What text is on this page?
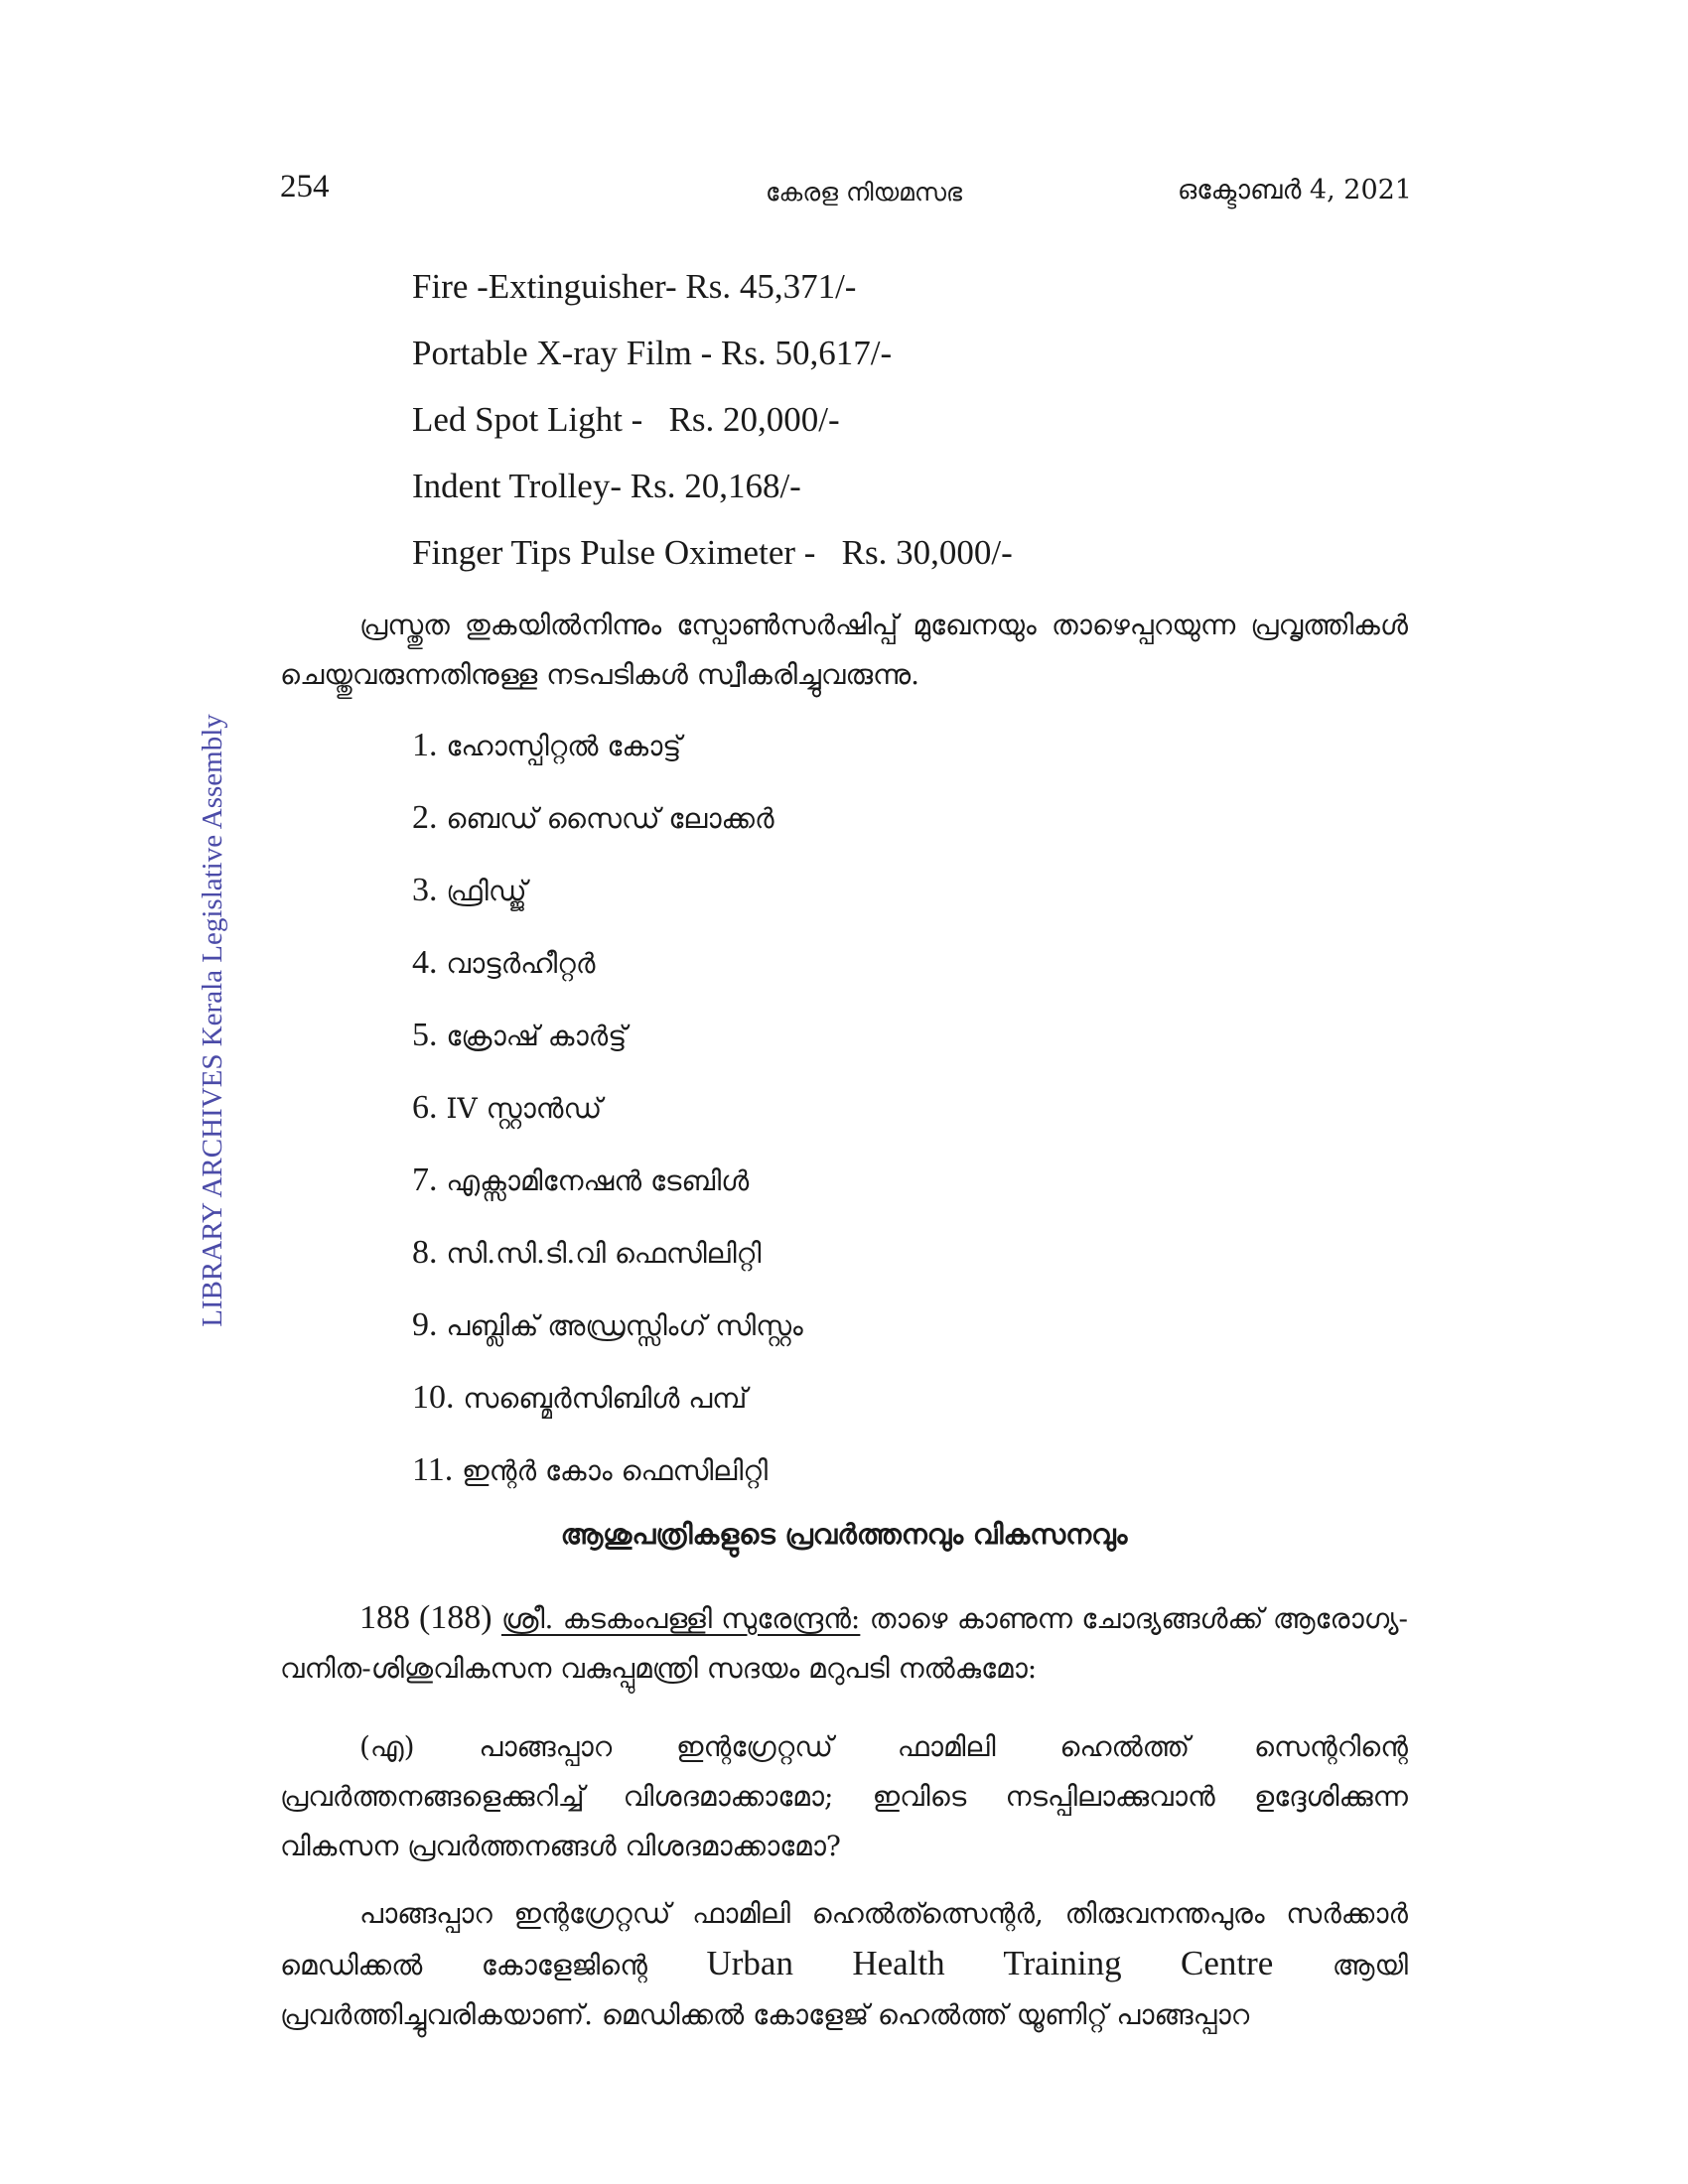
254	കേരള നിയമസഭ	ഒക്ടോബർ 4, 2021
LIBRARY ARCHIVES Kerala Legislative Assembly
Fire -Extinguisher- Rs. 45,371/-
Portable X-ray Film - Rs. 50,617/-
Led Spot Light -   Rs. 20,000/-
Indent Trolley- Rs. 20,168/-
Finger Tips Pulse Oximeter -   Rs. 30,000/-

പ്രസ്തുത തുകയിൽനിന്നും സ്പോൺസർഷിപ്പ് മുഖേനയും താഴെപ്പറയുന്ന പ്രവൃത്തികൾ ചെയ്തുവരുന്നതിനുള്ള നടപടികൾ സ്വീകരിച്ചുവരുന്നു.

1. ഹോസ്പിറ്റൽ കോട്ട്
2. ബെഡ് സൈഡ് ലോക്കർ
3. ഫ്രിഡ്ജ്
4. വാട്ടർഹീറ്റർ
5. ക്രോഷ് കാർട്ട്
6. IV സ്റ്റാൻഡ്
7. എക്സാമിനേഷൻ ടേബിൾ
8. സി.സി.ടി.വി ഫെസിലിറ്റി
9. പബ്ലിക് അഡ്രസ്സിംഗ് സിസ്റ്റം
10. സബ്മെർസിബിൾ പമ്പ്
11. ഇന്റർ കോം ഫെസിലിറ്റി
ആശുപത്രികളുടെ പ്രവർത്തനവും വികസനവും

188 (188) ശ്രീ. കടകംപള്ളി സുരേന്ദ്രൻ: താഴെ കാണുന്ന ചോദ്യങ്ങൾക്ക് ആരോഗ്യ- വനിത-ശിശുവികസന വകുപ്പുമന്ത്രി സദയം മറുപടി നൽകുമോ:

(എ) പാങ്ങപ്പാറ ഇന്റഗ്രേറ്റഡ് ഫാമിലി ഹെൽത്ത് സെന്ററിന്റെ
പ്രവർത്തനങ്ങളെക്കുറിച്ച് വിശദമാക്കാമോ; ഇവിടെ നടപ്പിലാക്കുവാൻ ഉദ്ദേശിക്കുന്ന വികസന പ്രവർത്തനങ്ങൾ വിശദമാക്കാമോ?

പാങ്ങപ്പാറ ഇന്റഗ്രേറ്റഡ് ഫാമിലി ഹെൽത്ത്സെന്റർ, തിരുവനന്തപുരം സർക്കാർ മെഡിക്കൽ കോളേജിന്റെ Urban Health Training Centre ആയി പ്രവർത്തിച്ചുവരികയാണ്. മെഡിക്കൽ കോളേജ് ഹെൽത്ത് യൂണിറ്റ് പാങ്ങപ്പാറ
